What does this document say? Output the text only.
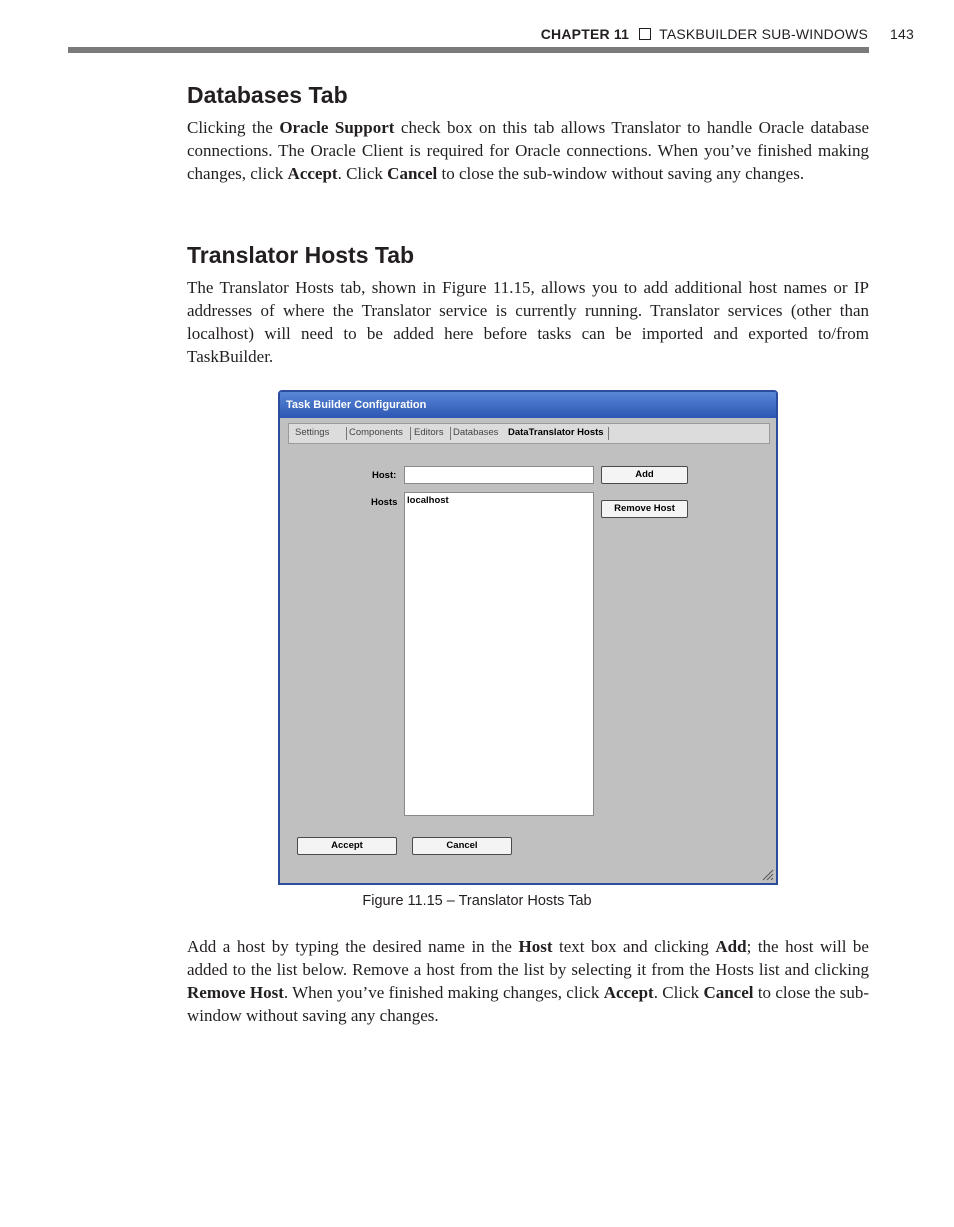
CHAPTER 11 TASKBUILDER SUB-WINDOWS 143
Databases Tab

Clicking the Oracle Support check box on this tab allows Translator to handle Oracle database connections. The Oracle Client is required for Oracle connections. When you’ve finished making changes, click Accept. Click Cancel to close the sub-window without saving any changes.

Translator Hosts Tab

The Translator Hosts tab, shown in Figure 11.15, allows you to add additional host names or IP addresses of where the Translator service is currently running. Translator services (other than localhost) will need to be added here before tasks can be imported and exported to/from TaskBuilder.

Task Builder Configuration
Settings Components Editors Databases DataTranslator Hosts
Host:	Add
Hosts localhost
Remove Host
Accept	Cancel
Figure 11.15 – Translator Hosts Tab

Add a host by typing the desired name in the Host text box and clicking Add; the host will be added to the list below. Remove a host from the list by selecting it from the Hosts list and clicking Remove Host. When you’ve finished making changes, click Accept. Click Cancel to close the sub-window without saving any changes.
